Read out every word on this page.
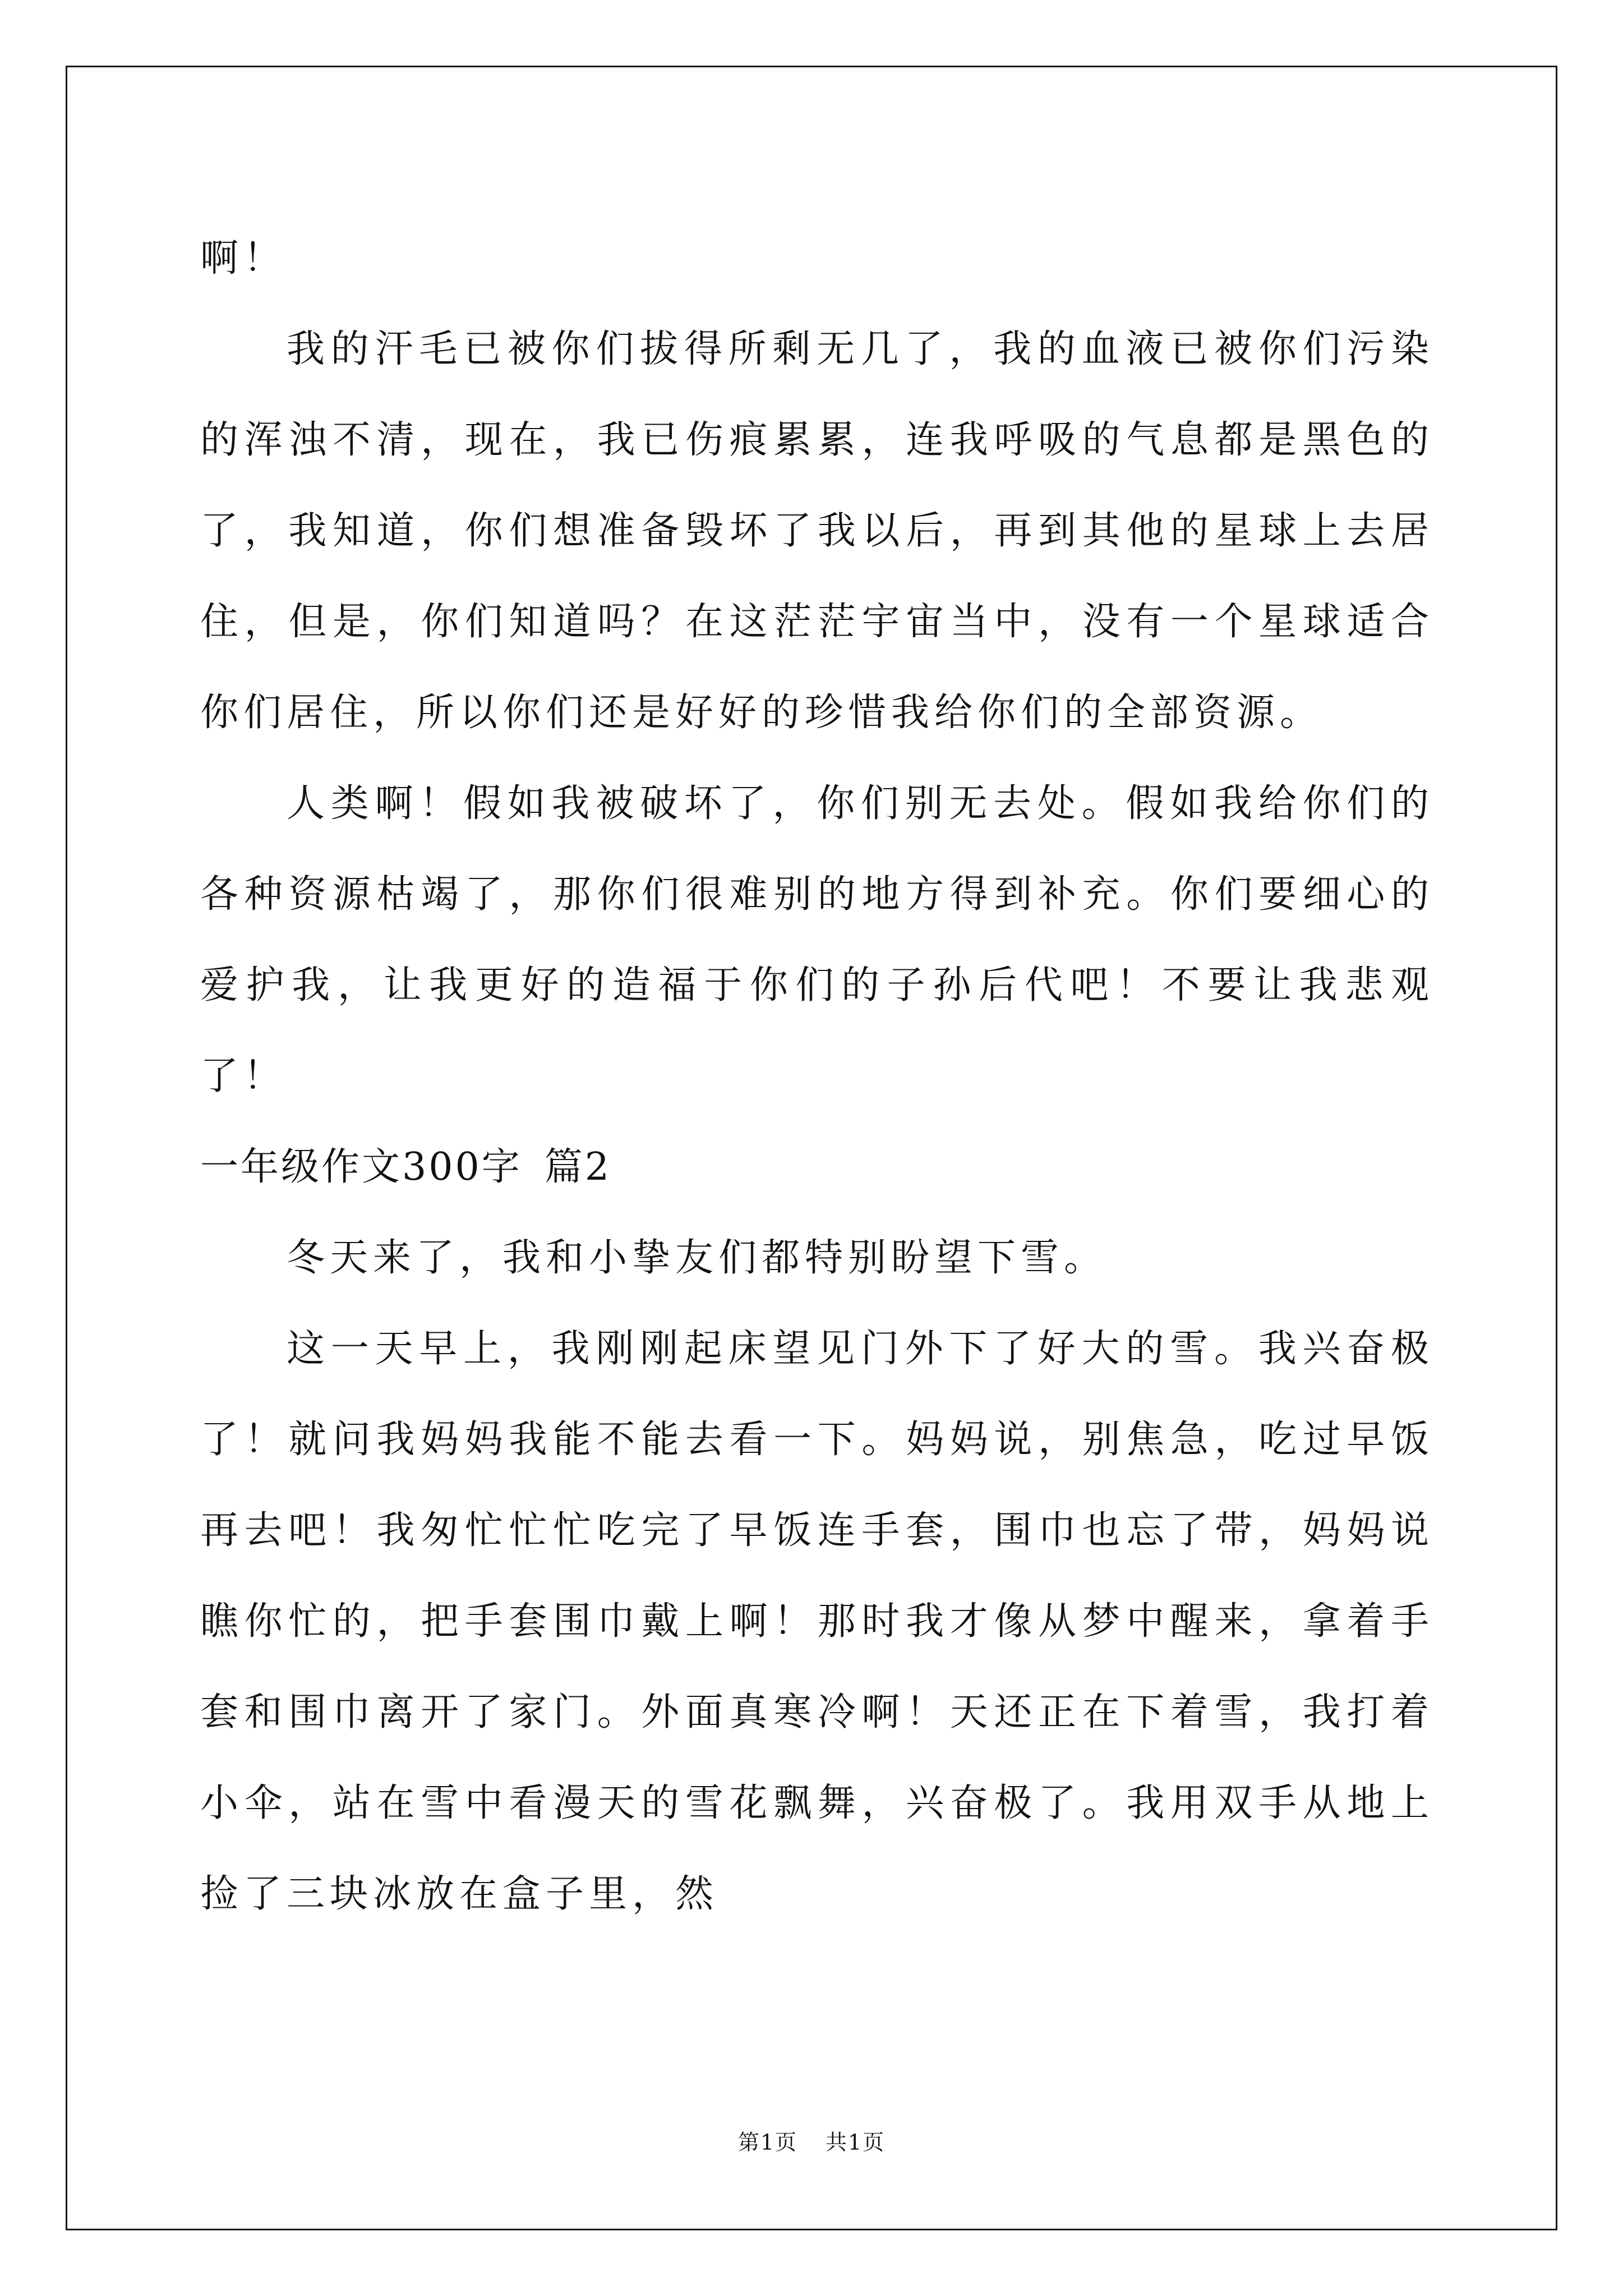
啊！

我的汗毛已被你们拔得所剩无几了，我的血液已被你们污染的浑浊不清，现在，我已伤痕累累，连我呼吸的气息都是黑色的了，我知道，你们想准备毁坏了我以后，再到其他的星球上去居住，但是，你们知道吗？在这茫茫宇宙当中，没有一个星球适合你们居住，所以你们还是好好的珍惜我给你们的全部资源。

人类啊！假如我被破坏了，你们别无去处。假如我给你们的各种资源枯竭了，那你们很难别的地方得到补充。你们要细心的爱护我，让我更好的造福于你们的子孙后代吧！不要让我悲观了！

一年级作文300字 篇2

冬天来了，我和小挚友们都特别盼望下雪。

这一天早上，我刚刚起床望见门外下了好大的雪。我兴奋极了！就问我妈妈我能不能去看一下。妈妈说，别焦急，吃过早饭再去吧！我匆忙忙忙吃完了早饭连手套，围巾也忘了带，妈妈说瞧你忙的，把手套围巾戴上啊！那时我才像从梦中醒来，拿着手套和围巾离开了家门。外面真寒冷啊！天还正在下着雪，我打着小伞，站在雪中看漫天的雪花飘舞，兴奋极了。我用双手从地上捡了三块冰放在盒子里，然

第1页 共1页
